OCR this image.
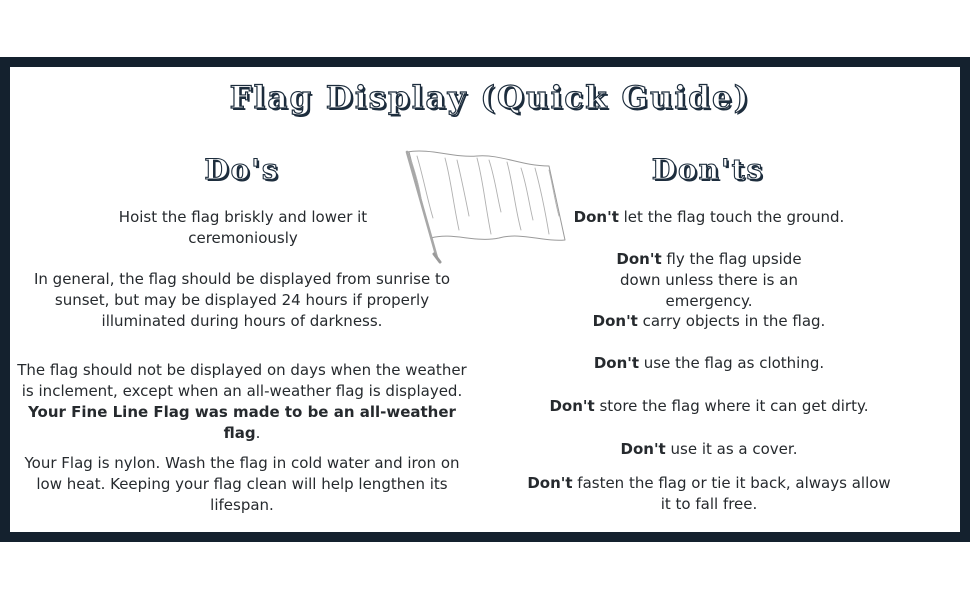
Flag Display (Quick Guide)
Do's

Hoist the flag briskly and lower it ceremoniously

In general, the flag should be displayed from sunrise to sunset, but may be displayed 24 hours if properly illuminated during hours of darkness.

The flag should not be displayed on days when the weather is inclement, except when an all-weather flag is displayed. Your Fine Line Flag was made to be an all-weather flag.

Your Flag is nylon. Wash the flag in cold water and iron on low heat. Keeping your flag clean will help lengthen its lifespan.

Don'ts

Don't let the flag touch the ground.

Don't fly the flag upside down unless there is an emergency.

Don't carry objects in the flag.

Don't use the flag as clothing.

Don't store the flag where it can get dirty.

Don't use it as a cover.

Don't fasten the flag or tie it back, always allow it to fall free.
